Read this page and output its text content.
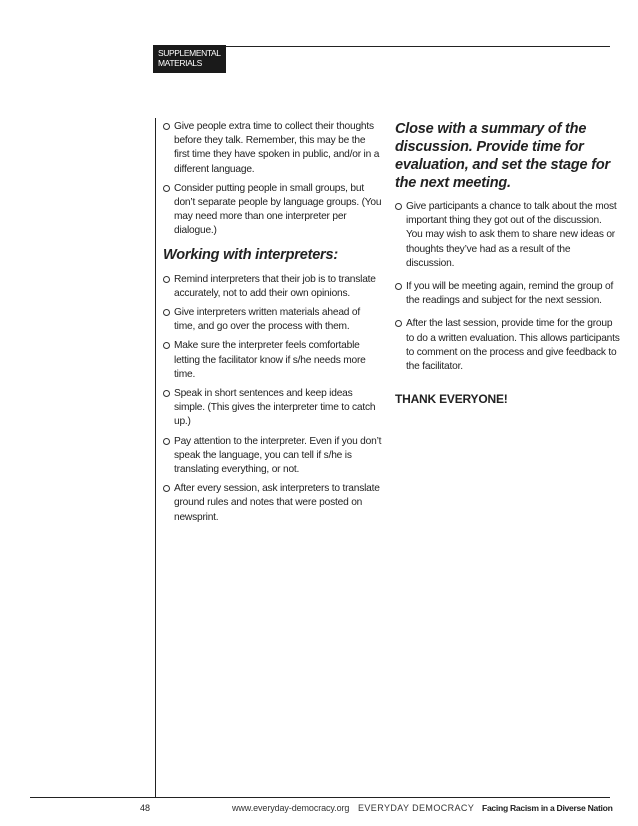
SUPPLEMENTAL
MATERIALS
Give people extra time to collect their thoughts before they talk. Remember, this may be the first time they have spoken in public, and/or in a different language.
Consider putting people in small groups, but don’t separate people by language groups. (You may need more than one interpreter per dialogue.)
Working with interpreters:
Remind interpreters that their job is to translate accurately, not to add their own opinions.
Give interpreters written materials ahead of time, and go over the process with them.
Make sure the interpreter feels comfortable letting the facilitator know if s/he needs more time.
Speak in short sentences and keep ideas simple. (This gives the interpreter time to catch up.)
Pay attention to the interpreter. Even if you don’t speak the language, you can tell if s/he is translating everything, or not.
After every session, ask interpreters to translate ground rules and notes that were posted on newsprint.
Close with a summary of the discussion. Provide time for evaluation, and set the stage for the next meeting.
Give participants a chance to talk about the most important thing they got out of the discussion. You may wish to ask them to share new ideas or thoughts they’ve had as a result of the discussion.
If you will be meeting again, remind the group of the readings and subject for the next session.
After the last session, provide time for the group to do a written evaluation. This allows participants to comment on the process and give feedback to the facilitator.
THANK EVERYONE!
48	www.everyday-democracy.org EVERYDAY DEMOCRACY Facing Racism in a Diverse Nation
